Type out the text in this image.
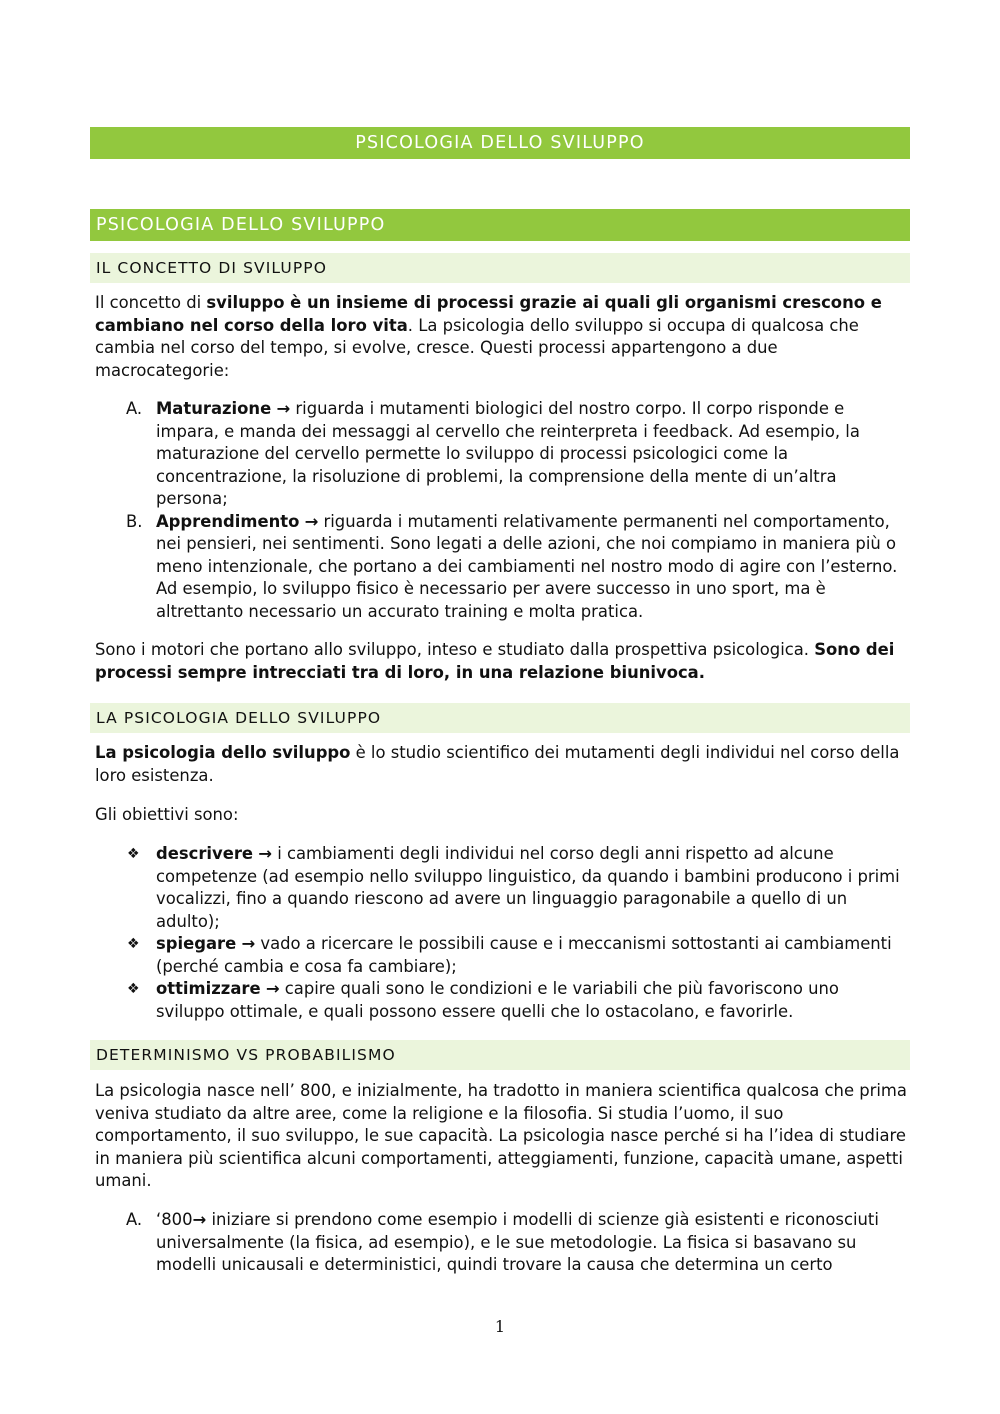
PSICOLOGIA DELLO SVILUPPO
PSICOLOGIA DELLO SVILUPPO
IL CONCETTO DI SVILUPPO

Il concetto di sviluppo è un insieme di processi grazie ai quali gli organismi crescono e cambiano nel corso della loro vita. La psicologia dello sviluppo si occupa di qualcosa che cambia nel corso del tempo, si evolve, cresce. Questi processi appartengono a due macrocategorie:

A. Maturazione → riguarda i mutamenti biologici del nostro corpo. Il corpo risponde e impara, e manda dei messaggi al cervello che reinterpreta i feedback. Ad esempio, la maturazione del cervello permette lo sviluppo di processi psicologici come la concentrazione, la risoluzione di problemi, la comprensione della mente di un’altra persona;
B. Apprendimento → riguarda i mutamenti relativamente permanenti nel comportamento, nei pensieri, nei sentimenti. Sono legati a delle azioni, che noi compiamo in maniera più o meno intenzionale, che portano a dei cambiamenti nel nostro modo di agire con l’esterno. Ad esempio, lo sviluppo fisico è necessario per avere successo in uno sport, ma è altrettanto necessario un accurato training e molta pratica.

Sono i motori che portano allo sviluppo, inteso e studiato dalla prospettiva psicologica. Sono dei processi sempre intrecciati tra di loro, in una relazione biunivoca.

LA PSICOLOGIA DELLO SVILUPPO

La psicologia dello sviluppo è lo studio scientifico dei mutamenti degli individui nel corso della loro esistenza.

Gli obiettivi sono:

❖ descrivere → i cambiamenti degli individui nel corso degli anni rispetto ad alcune competenze (ad esempio nello sviluppo linguistico, da quando i bambini producono i primi vocalizzi, fino a quando riescono ad avere un linguaggio paragonabile a quello di un adulto);
❖ spiegare → vado a ricercare le possibili cause e i meccanismi sottostanti ai cambiamenti (perché cambia e cosa fa cambiare);
❖ ottimizzare → capire quali sono le condizioni e le variabili che più favoriscono uno sviluppo ottimale, e quali possono essere quelli che lo ostacolano, e favorirle.
DETERMINISMO VS PROBABILISMO

La psicologia nasce nell’ 800, e inizialmente, ha tradotto in maniera scientifica qualcosa che prima veniva studiato da altre aree, come la religione e la filosofia. Si studia l’uomo, il suo comportamento, il suo sviluppo, le sue capacità. La psicologia nasce perché si ha l’idea di studiare in maniera più scientifica alcuni comportamenti, atteggiamenti, funzione, capacità umane, aspetti umani.

A. ‘800→ iniziare si prendono come esempio i modelli di scienze già esistenti e riconosciuti universalmente (la fisica, ad esempio), e le sue metodologie. La fisica si basavano su modelli unicausali e deterministici, quindi trovare la causa che determina un certo
1
